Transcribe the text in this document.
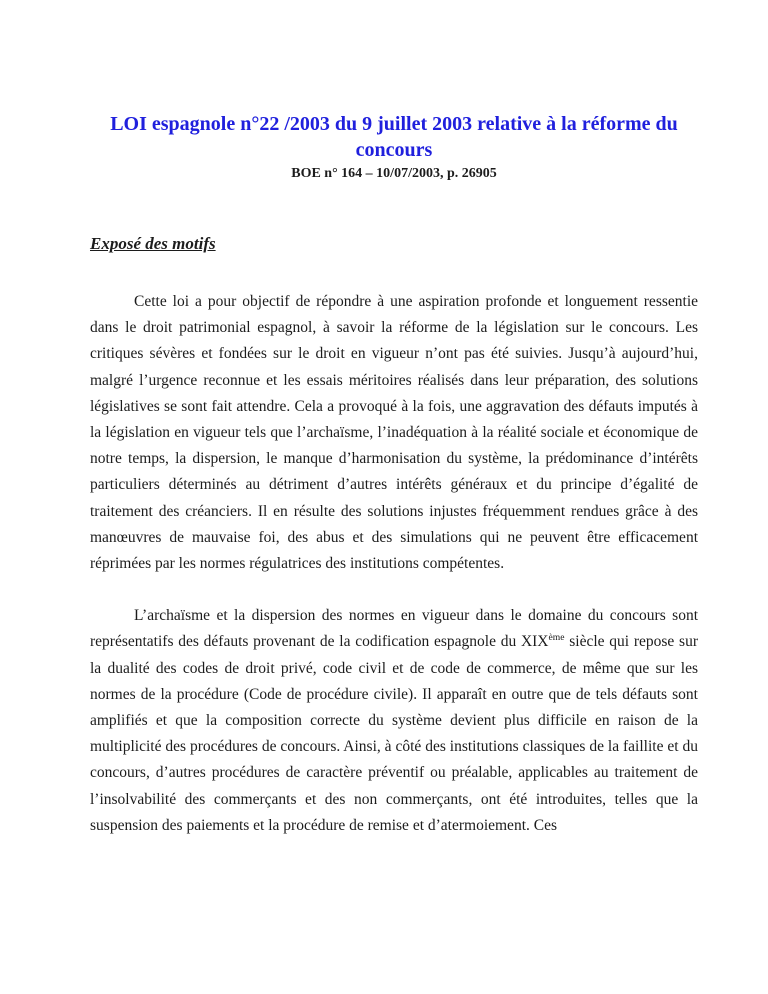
LOI espagnole n°22 /2003 du 9 juillet 2003 relative à la réforme du concours
BOE n° 164 – 10/07/2003, p. 26905
Exposé des motifs

Cette loi a pour objectif de répondre à une aspiration profonde et longuement ressentie dans le droit patrimonial espagnol, à savoir la réforme de la législation sur le concours. Les critiques sévères et fondées sur le droit en vigueur n’ont pas été suivies. Jusqu’à aujourd’hui, malgré l’urgence reconnue et les essais méritoires réalisés dans leur préparation, des solutions législatives se sont fait attendre. Cela a provoqué à la fois, une aggravation des défauts imputés à la législation en vigueur tels que l’archaïsme, l’inadéquation à la réalité sociale et économique de notre temps, la dispersion, le manque d’harmonisation du système, la prédominance d’intérêts particuliers déterminés au détriment d’autres intérêts généraux et du principe d’égalité de traitement des créanciers. Il en résulte des solutions injustes fréquemment rendues grâce à des manœuvres de mauvaise foi, des abus et des simulations qui ne peuvent être efficacement réprimées par les normes régulatrices des institutions compétentes.

L’archaïsme et la dispersion des normes en vigueur dans le domaine du concours sont représentatifs des défauts provenant de la codification espagnole du XIXème siècle qui repose sur la dualité des codes de droit privé, code civil et de code de commerce, de même que sur les normes de la procédure (Code de procédure civile). Il apparaît en outre que de tels défauts sont amplifiés et que la composition correcte du système devient plus difficile en raison de la multiplicité des procédures de concours. Ainsi, à côté des institutions classiques de la faillite et du concours, d’autres procédures de caractère préventif ou préalable, applicables au traitement de l’insolvabilité des commerçants et des non commerçants, ont été introduites, telles que la suspension des paiements et la procédure de remise et d’atermoiement. Ces
